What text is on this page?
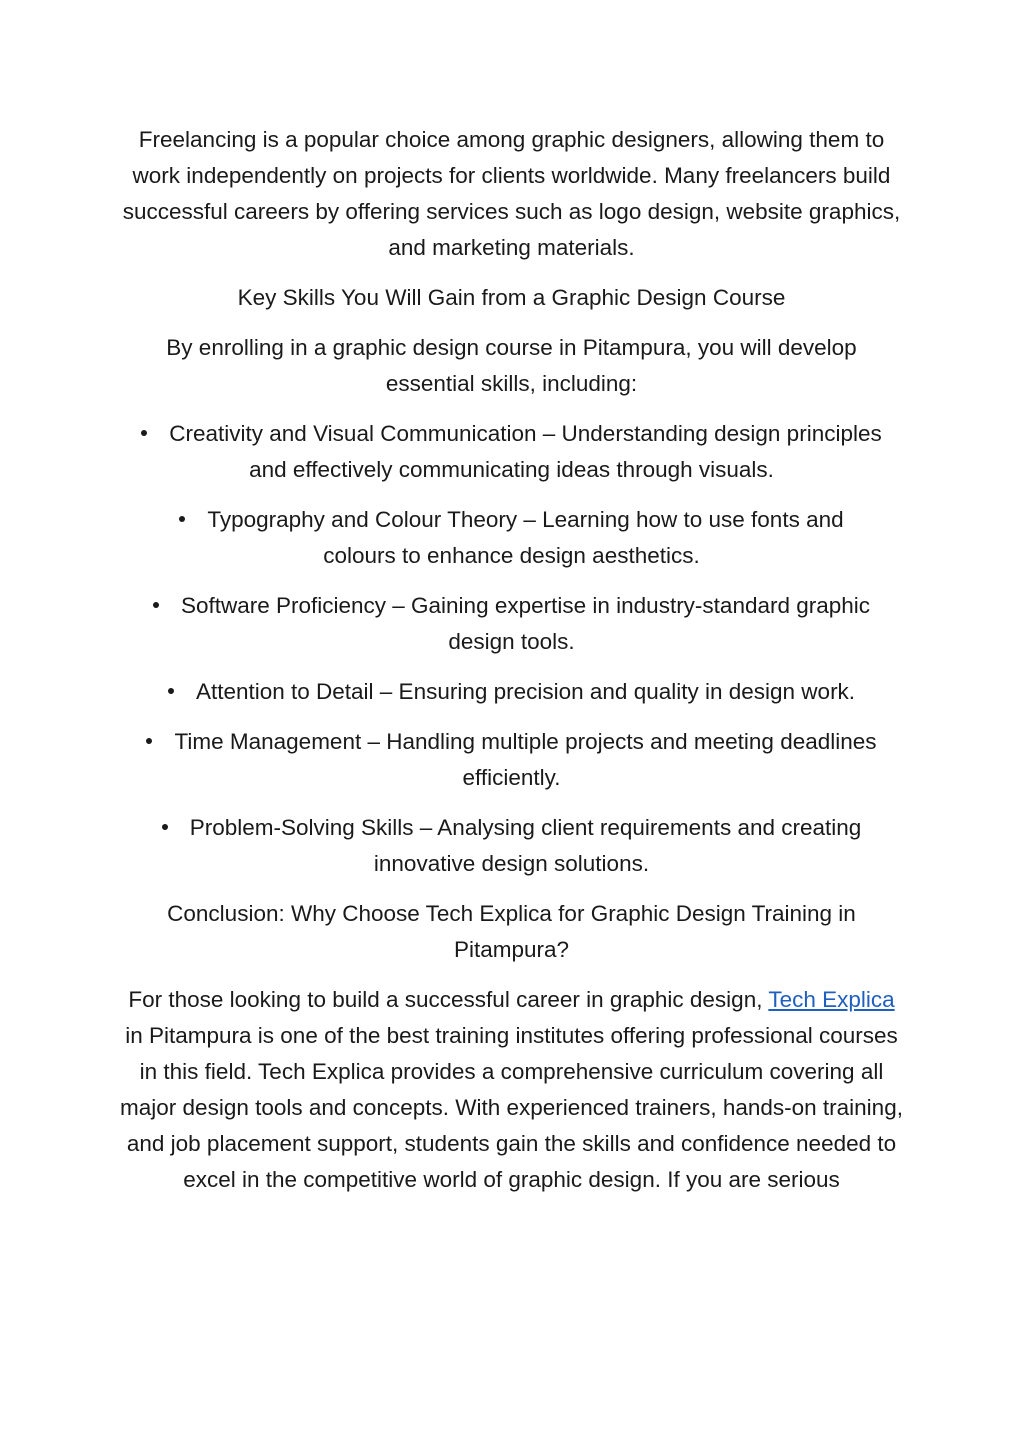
Freelancing is a popular choice among graphic designers, allowing them to work independently on projects for clients worldwide. Many freelancers build successful careers by offering services such as logo design, website graphics, and marketing materials.

Key Skills You Will Gain from a Graphic Design Course

By enrolling in a graphic design course in Pitampura, you will develop essential skills, including:

Creativity and Visual Communication – Understanding design principles and effectively communicating ideas through visuals.
Typography and Colour Theory – Learning how to use fonts and colours to enhance design aesthetics.
Software Proficiency – Gaining expertise in industry-standard graphic design tools.
Attention to Detail – Ensuring precision and quality in design work.
Time Management – Handling multiple projects and meeting deadlines efficiently.
Problem-Solving Skills – Analysing client requirements and creating innovative design solutions.

Conclusion: Why Choose Tech Explica for Graphic Design Training in Pitampura?

For those looking to build a successful career in graphic design, Tech Explica in Pitampura is one of the best training institutes offering professional courses in this field. Tech Explica provides a comprehensive curriculum covering all major design tools and concepts. With experienced trainers, hands-on training, and job placement support, students gain the skills and confidence needed to excel in the competitive world of graphic design. If you are serious
